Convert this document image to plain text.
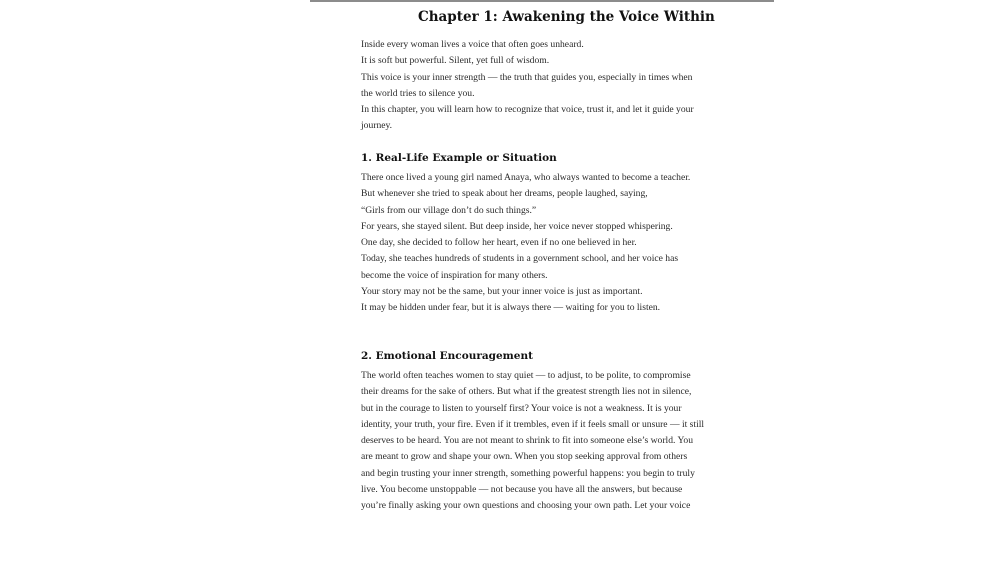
Chapter 1: Awakening the Voice Within

Inside every woman lives a voice that often goes unheard.
It is soft but powerful. Silent, yet full of wisdom.
This voice is your inner strength — the truth that guides you, especially in times when
the world tries to silence you.
In this chapter, you will learn how to recognize that voice, trust it, and let it guide your
journey.

1. Real-Life Example or Situation

There once lived a young girl named Anaya, who always wanted to become a teacher.
But whenever she tried to speak about her dreams, people laughed, saying,
“Girls from our village don’t do such things.”
For years, she stayed silent. But deep inside, her voice never stopped whispering.
One day, she decided to follow her heart, even if no one believed in her.
Today, she teaches hundreds of students in a government school, and her voice has
become the voice of inspiration for many others.
Your story may not be the same, but your inner voice is just as important.
It may be hidden under fear, but it is always there — waiting for you to listen.

2. Emotional Encouragement

The world often teaches women to stay quiet — to adjust, to be polite, to compromise
their dreams for the sake of others. But what if the greatest strength lies not in silence,
but in the courage to listen to yourself first? Your voice is not a weakness. It is your
identity, your truth, your fire. Even if it trembles, even if it feels small or unsure — it still
deserves to be heard. You are not meant to shrink to fit into someone else’s world. You
are meant to grow and shape your own. When you stop seeking approval from others
and begin trusting your inner strength, something powerful happens: you begin to truly
live. You become unstoppable — not because you have all the answers, but because
you’re finally asking your own questions and choosing your own path. Let your voice
